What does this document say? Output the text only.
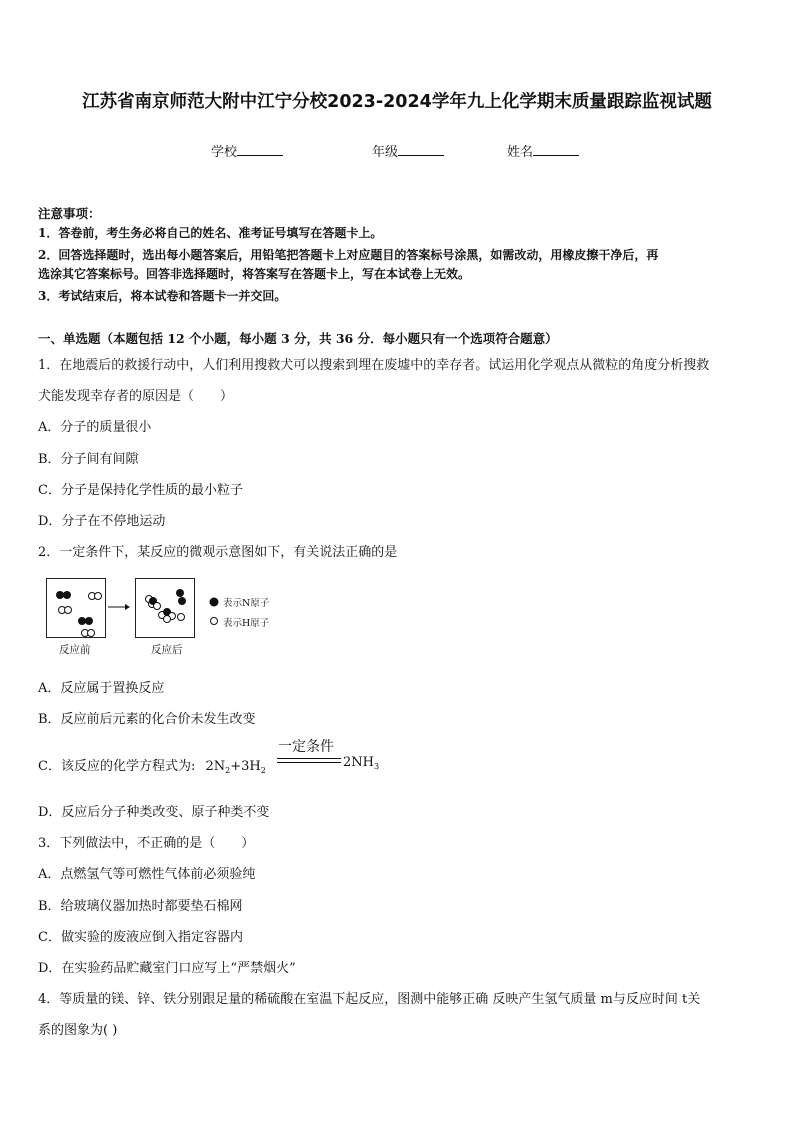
江苏省南京师范大附中江宁分校2023-2024学年九上化学期末质量跟踪监视试题
学校	年级	姓名
注意事项：
1．答卷前，考生务必将自己的姓名、准考证号填写在答题卡上。
2．回答选择题时，选出每小题答案后，用铅笔把答题卡上对应题目的答案标号涂黑，如需改动，用橡皮擦干净后，再
选涂其它答案标号。回答非选择题时，将答案写在答题卡上，写在本试卷上无效。
3．考试结束后，将本试卷和答题卡一并交回。
一、单选题（本题包括 12 个小题，每小题 3 分，共 36 分．每小题只有一个选项符合题意）
1．在地震后的救援行动中，人们利用搜救犬可以搜索到埋在废墟中的幸存者。试运用化学观点从微粒的角度分析搜救
犬能发现幸存者的原因是（　　）
A．分子的质量很小
B．分子间有间隙
C．分子是保持化学性质的最小粒子
D．分子在不停地运动
2．一定条件下，某反应的微观示意图如下，有关说法正确的是
反应前	反应后
表示N原子
表示H原子
A．反应属于置换反应
B．反应前后元素的化合价未发生改变
C．该反应的化学方程式为: $2N_2+3H_2$
一定条件
$2NH_3$
D．反应后分子种类改变、原子种类不变
3．下列做法中，不正确的是（　　）
A．点燃氢气等可燃性气体前必须验纯
B．给玻璃仪器加热时都要垫石棉网
C．做实验的废液应倒入指定容器内
D．在实验药品贮藏室门口应写上“严禁烟火”
4．等质量的镁、锌、铁分别跟足量的稀硫酸在室温下起反应，图测中能够正确 反映产生氢气质量 m与反应时间 t关
系的图象为( )
